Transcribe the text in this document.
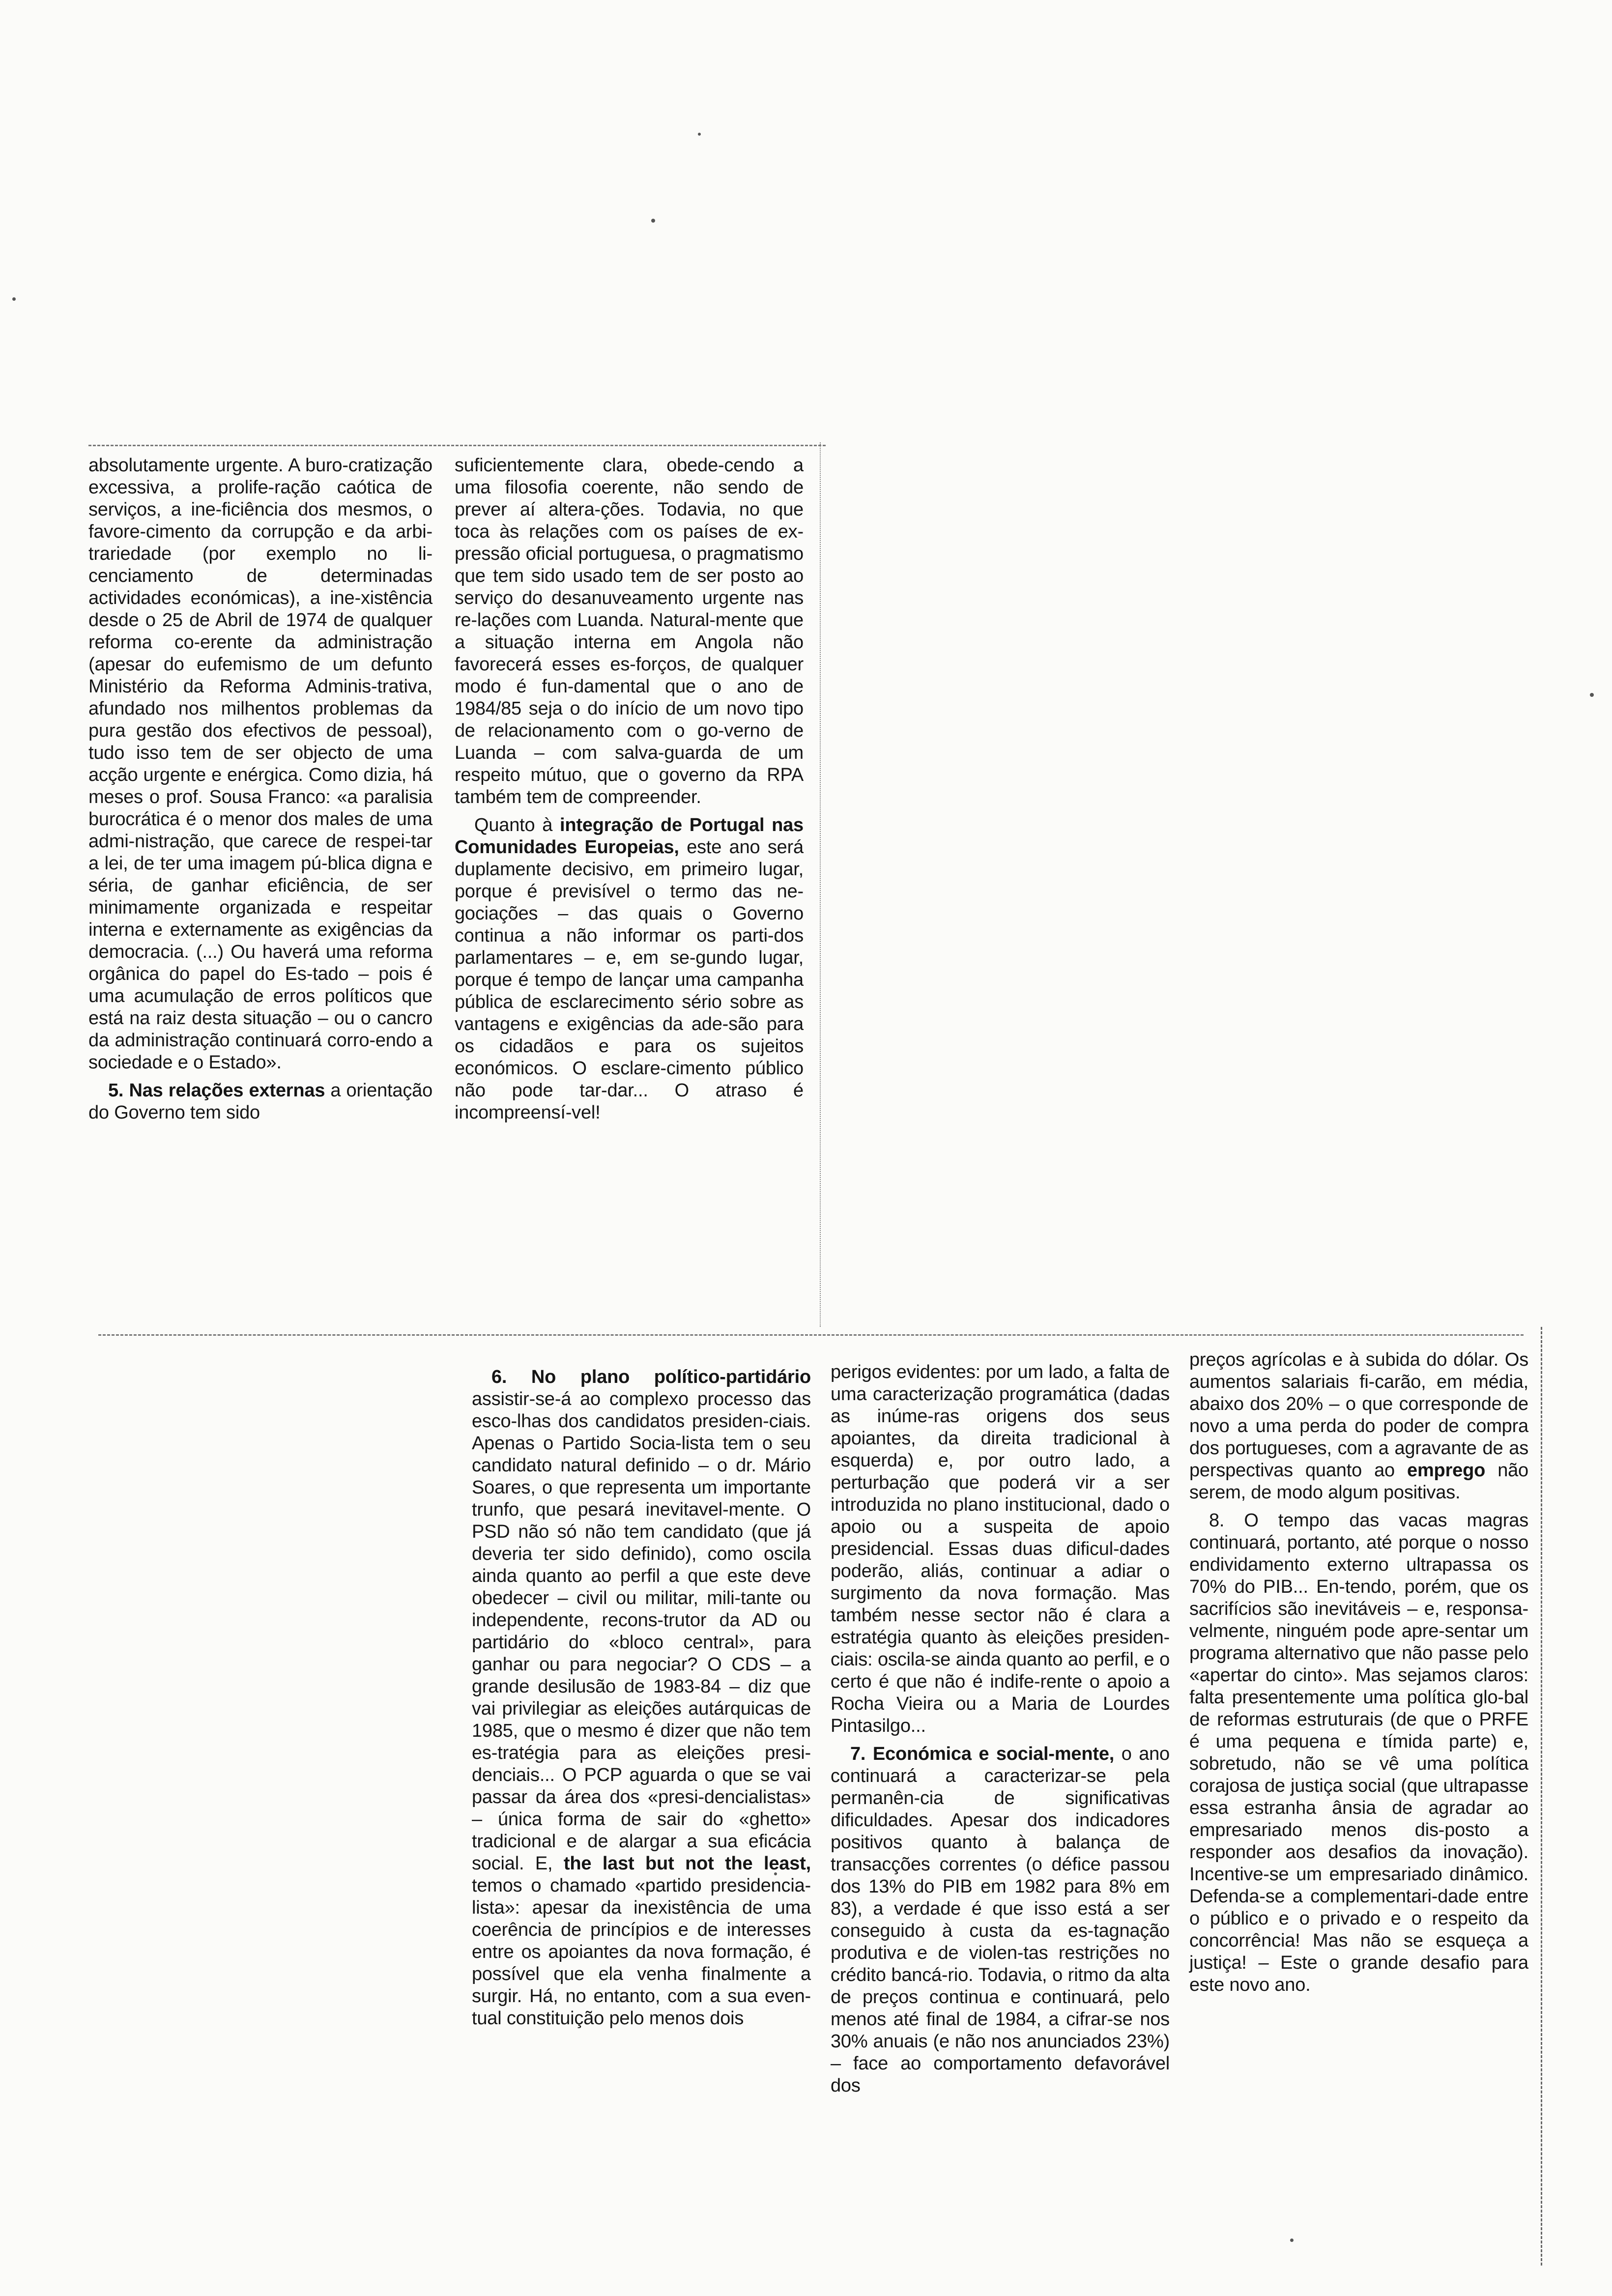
absolutamente urgente. A buro-cratização excessiva, a prolife-ração caótica de serviços, a ine-ficiência dos mesmos, o favore-cimento da corrupção e da arbi-trariedade (por exemplo no li-cenciamento de determinadas actividades económicas), a ine-xistência desde o 25 de Abril de 1974 de qualquer reforma co-erente da administração (apesar do eufemismo de um defunto Ministério da Reforma Adminis-trativa, afundado nos milhentos problemas da pura gestão dos efectivos de pessoal), tudo isso tem de ser objecto de uma acção urgente e enérgica. Como dizia, há meses o prof. Sousa Franco: «a paralisia burocrática é o menor dos males de uma admi-nistração, que carece de respei-tar a lei, de ter uma imagem pú-blica digna e séria, de ganhar eficiência, de ser minimamente organizada e respeitar interna e externamente as exigências da democracia. (...) Ou haverá uma reforma orgânica do papel do Es-tado – pois é uma acumulação de erros políticos que está na raiz desta situação – ou o cancro da administração continuará corro-endo a sociedade e o Estado».

5. Nas relações externas a orientação do Governo tem sido

suficientemente clara, obede-cendo a uma filosofia coerente, não sendo de prever aí altera-ções. Todavia, no que toca às relações com os países de ex-pressão oficial portuguesa, o pragmatismo que tem sido usado tem de ser posto ao serviço do desanuveamento urgente nas re-lações com Luanda. Natural-mente que a situação interna em Angola não favorecerá esses es-forços, de qualquer modo é fun-damental que o ano de 1984/85 seja o do início de um novo tipo de relacionamento com o go-verno de Luanda – com salva-guarda de um respeito mútuo, que o governo da RPA também tem de compreender.

Quanto à integração de Portugal nas Comunidades Europeias, este ano será duplamente decisivo, em primeiro lugar, porque é previsível o termo das ne-gociações – das quais o Governo continua a não informar os parti-dos parlamentares – e, em se-gundo lugar, porque é tempo de lançar uma campanha pública de esclarecimento sério sobre as vantagens e exigências da ade-são para os cidadãos e para os sujeitos económicos. O esclare-cimento público não pode tar-dar... O atraso é incompreensí-vel!

6. No plano político-partidário assistir-se-á ao complexo processo das esco-lhas dos candidatos presiden-ciais. Apenas o Partido Socia-lista tem o seu candidato natural definido – o dr. Mário Soares, o que representa um importante trunfo, que pesará inevitavel-mente. O PSD não só não tem candidato (que já deveria ter sido definido), como oscila ainda quanto ao perfil a que este deve obedecer – civil ou militar, mili-tante ou independente, recons-trutor da AD ou partidário do «bloco central», para ganhar ou para negociar? O CDS – a grande desilusão de 1983-84 – diz que vai privilegiar as eleições autárquicas de 1985, que o mesmo é dizer que não tem es-tratégia para as eleições presi-denciais... O PCP aguarda o que se vai passar da área dos «presi-dencialistas» – única forma de sair do «ghetto» tradicional e de alargar a sua eficácia social. E, the last but not the least, temos o chamado «partido presidencia-lista»: apesar da inexistência de uma coerência de princípios e de interesses entre os apoiantes da nova formação, é possível que ela venha finalmente a surgir. Há, no entanto, com a sua even-tual constituição pelo menos dois

perigos evidentes: por um lado, a falta de uma caracterização programática (dadas as inúme-ras origens dos seus apoiantes, da direita tradicional à esquerda) e, por outro lado, a perturbação que poderá vir a ser introduzida no plano institucional, dado o apoio ou a suspeita de apoio presidencial. Essas duas dificul-dades poderão, aliás, continuar a adiar o surgimento da nova formação. Mas também nesse sector não é clara a estratégia quanto às eleições presiden-ciais: oscila-se ainda quanto ao perfil, e o certo é que não é indife-rente o apoio a Rocha Vieira ou a Maria de Lourdes Pintasilgo...

7. Económica e social-mente, o ano continuará a caracterizar-se pela permanên-cia de significativas dificuldades. Apesar dos indicadores positivos quanto à balança de transacções correntes (o défice passou dos 13% do PIB em 1982 para 8% em 83), a verdade é que isso está a ser conseguido à custa da es-tagnação produtiva e de violen-tas restrições no crédito bancá-rio. Todavia, o ritmo da alta de preços continua e continuará, pelo menos até final de 1984, a cifrar-se nos 30% anuais (e não nos anunciados 23%) – face ao comportamento defavorável dos

preços agrícolas e à subida do dólar. Os aumentos salariais fi-carão, em média, abaixo dos 20% – o que corresponde de novo a uma perda do poder de compra dos portugueses, com a agravante de as perspectivas quanto ao emprego não serem, de modo algum positivas.

8. O tempo das vacas magras continuará, portanto, até porque o nosso endividamento externo ultrapassa os 70% do PIB... En-tendo, porém, que os sacrifícios são inevitáveis – e, responsa-velmente, ninguém pode apre-sentar um programa alternativo que não passe pelo «apertar do cinto». Mas sejamos claros: falta presentemente uma política glo-bal de reformas estruturais (de que o PRFE é uma pequena e tímida parte) e, sobretudo, não se vê uma política corajosa de justiça social (que ultrapasse essa estranha ânsia de agradar ao empresariado menos dis-posto a responder aos desafios da inovação). Incentive-se um empresariado dinâmico. Defenda-se a complementari-dade entre o público e o privado e o respeito da concorrência! Mas não se esqueça a justiça! – Este o grande desafio para este novo ano.
